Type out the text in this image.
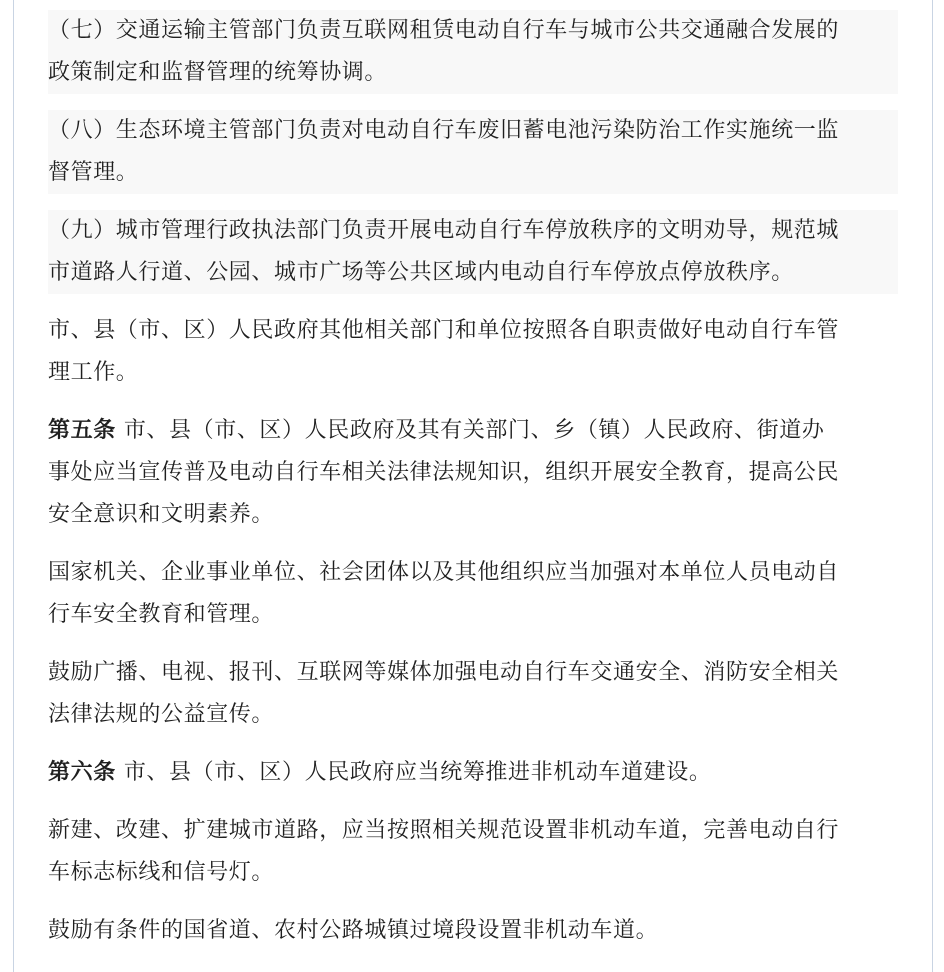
（七）交通运输主管部门负责互联网租赁电动自行车与城市公共交通融合发展的
政策制定和监督管理的统筹协调。
（八）生态环境主管部门负责对电动自行车废旧蓄电池污染防治工作实施统一监
督管理。
（九）城市管理行政执法部门负责开展电动自行车停放秩序的文明劝导，规范城
市道路人行道、公园、城市广场等公共区域内电动自行车停放点停放秩序。
市、县（市、区）人民政府其他相关部门和单位按照各自职责做好电动自行车管
理工作。
第五条 市、县（市、区）人民政府及其有关部门、乡（镇）人民政府、街道办
事处应当宣传普及电动自行车相关法律法规知识，组织开展安全教育，提高公民
安全意识和文明素养。
国家机关、企业事业单位、社会团体以及其他组织应当加强对本单位人员电动自
行车安全教育和管理。
鼓励广播、电视、报刊、互联网等媒体加强电动自行车交通安全、消防安全相关
法律法规的公益宣传。
第六条 市、县（市、区）人民政府应当统筹推进非机动车道建设。
新建、改建、扩建城市道路，应当按照相关规范设置非机动车道，完善电动自行
车标志标线和信号灯。
鼓励有条件的国省道、农村公路城镇过境段设置非机动车道。
